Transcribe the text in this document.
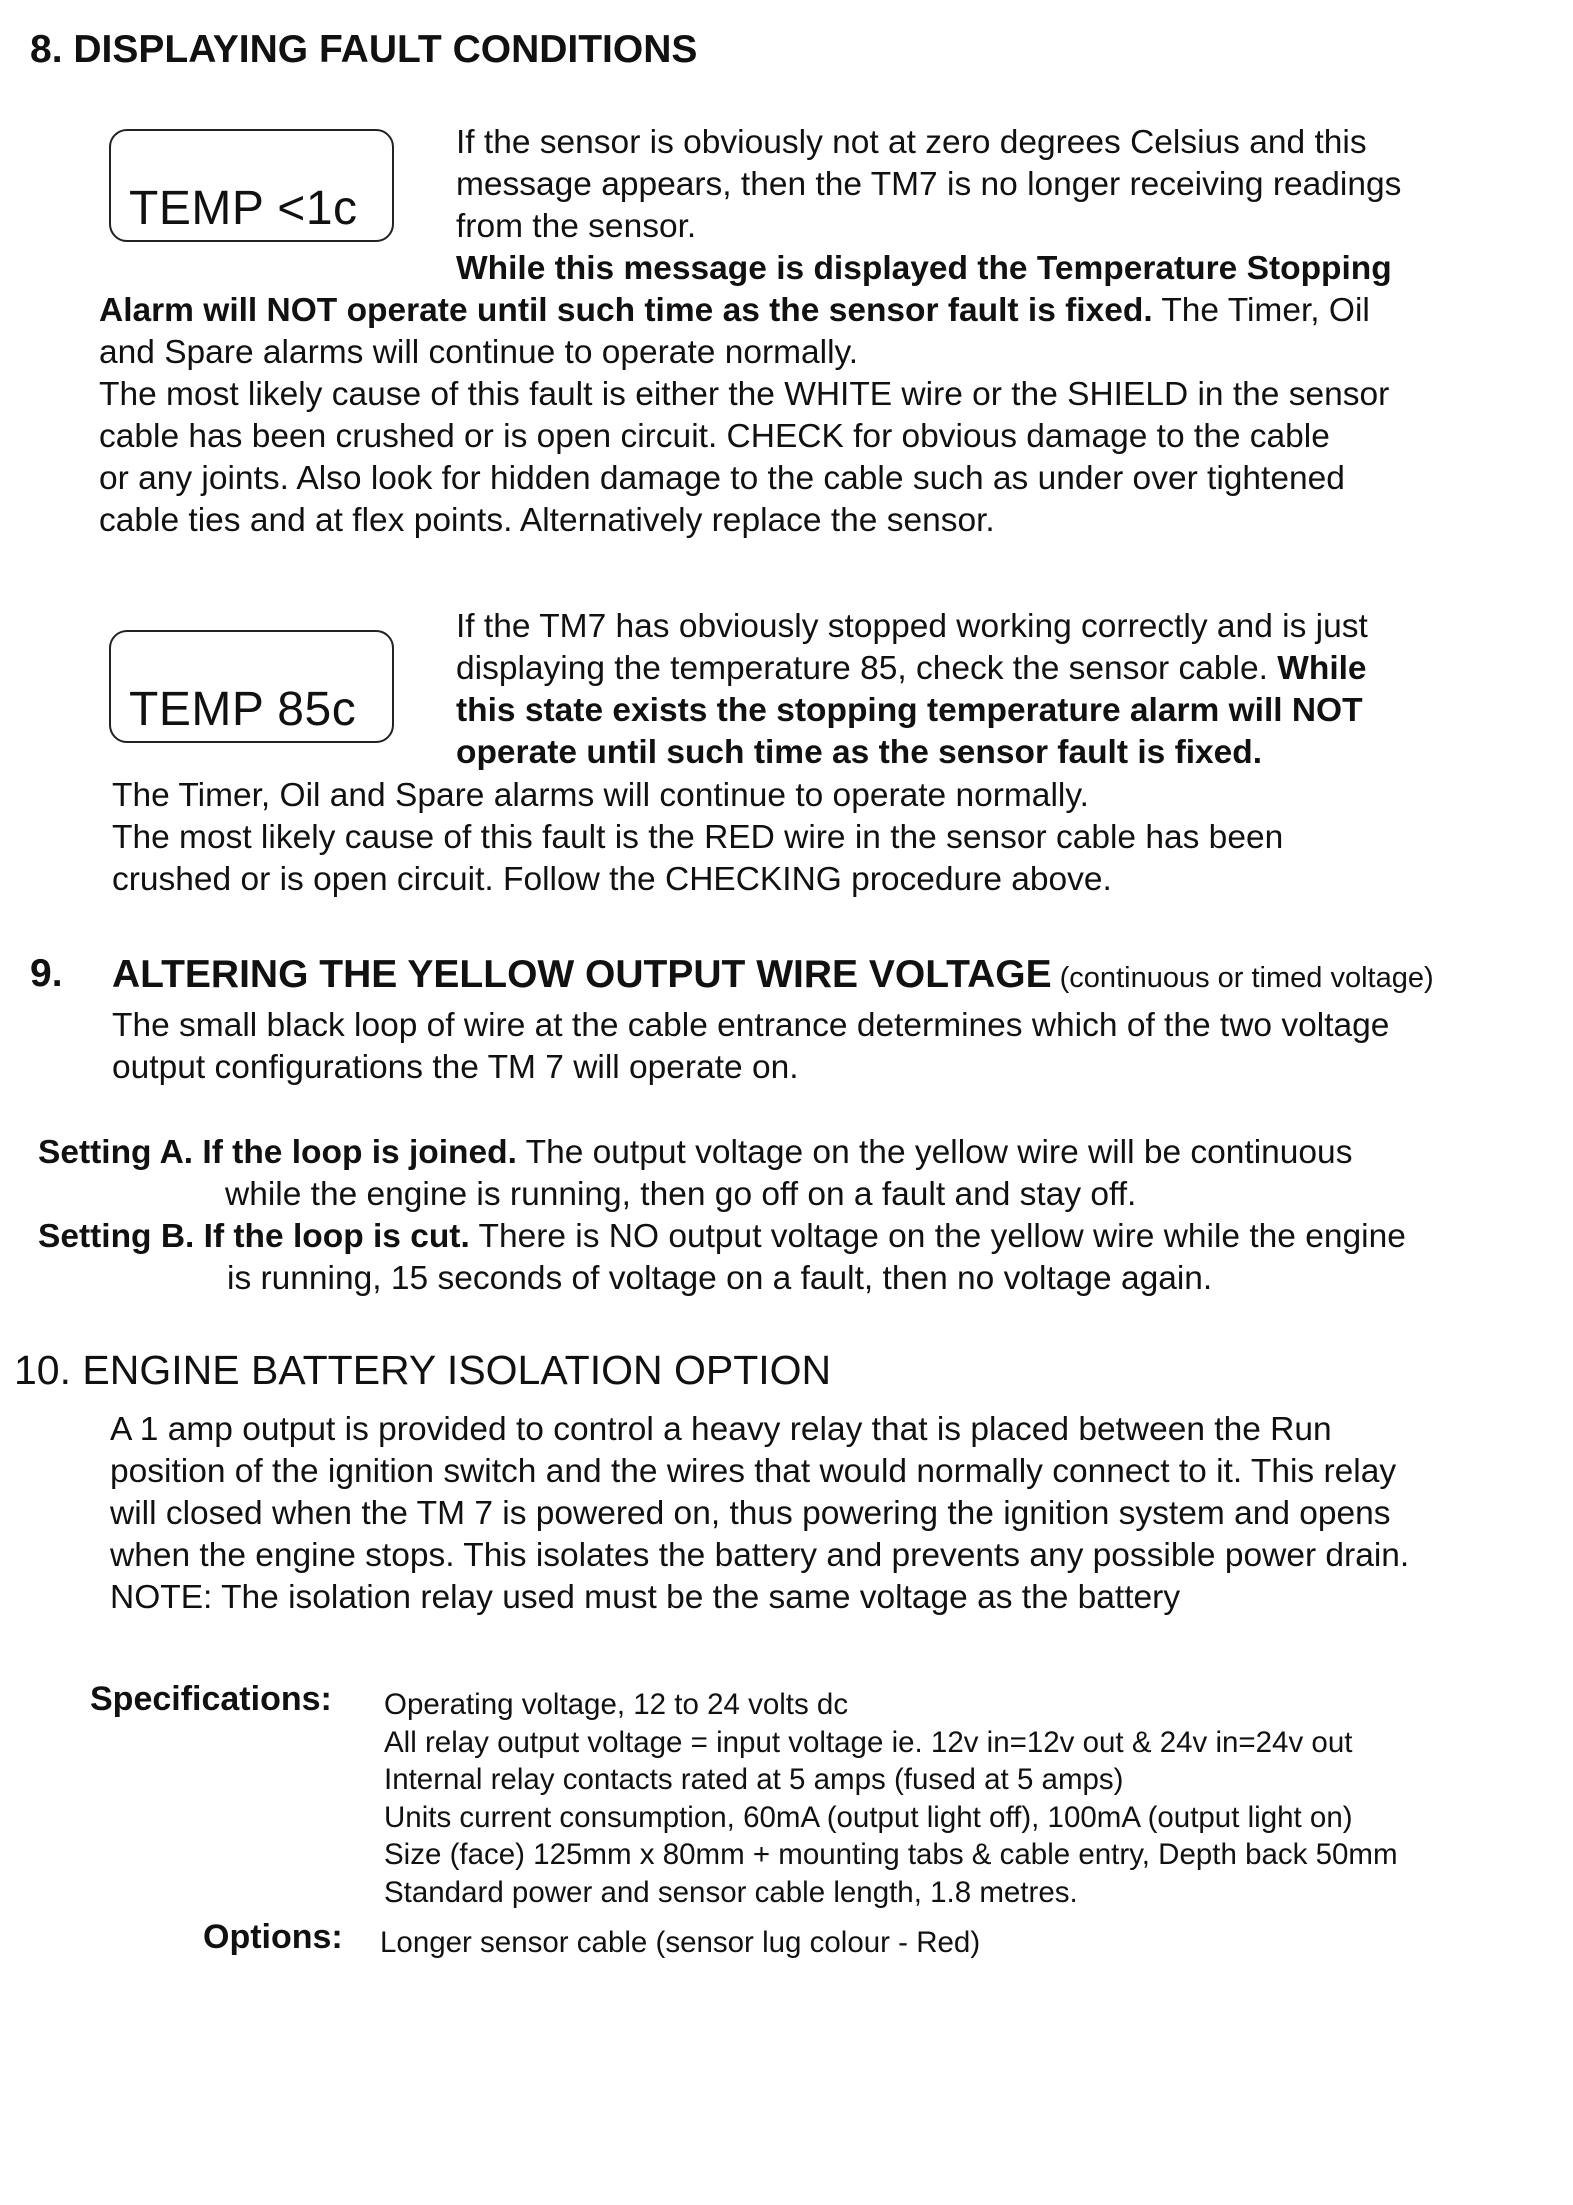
8. DISPLAYING FAULT CONDITIONS
TEMP <1c
If the sensor is obviously not at zero degrees Celsius and this
message appears, then the TM7 is no longer receiving readings
from the sensor.
While this message is displayed the Temperature Stopping
Alarm will NOT operate until such time as the sensor fault is fixed. The Timer, Oil
and Spare alarms will continue to operate normally.
The most likely cause of this fault is either the WHITE wire or the SHIELD in the sensor
cable has been crushed or is open circuit. CHECK for obvious damage to the cable
or any joints. Also look for hidden damage to the cable such as under over tightened
cable ties and at flex points. Alternatively replace the sensor.
TEMP 85c
If the TM7 has obviously stopped working correctly and is just
displaying the temperature 85, check the sensor cable. While
this state exists the stopping temperature alarm will NOT
operate until such time as the sensor fault is fixed.
The Timer, Oil and Spare alarms will continue to operate normally.
The most likely cause of this fault is the RED wire in the sensor cable has been
crushed or is open circuit. Follow the CHECKING procedure above.
9. ALTERING THE YELLOW OUTPUT WIRE VOLTAGE (continuous or timed voltage)
The small black loop of wire at the cable entrance determines which of the two voltage
output configurations the TM 7 will operate on.
Setting A. If the loop is joined. The output voltage on the yellow wire will be continuous
while the engine is running, then go off on a fault and stay off.
Setting B. If the loop is cut. There is NO output voltage on the yellow wire while the engine
is running, 15 seconds of voltage on a fault, then no voltage again.
10. ENGINE BATTERY ISOLATION OPTION
A 1 amp output is provided to control a heavy relay that is placed between the Run
position of the ignition switch and the wires that would normally connect to it. This relay
will closed when the TM 7 is powered on, thus powering the ignition system and opens
when the engine stops. This isolates the battery and prevents any possible power drain.
NOTE: The isolation relay used must be the same voltage as the battery
Specifications: Operating voltage, 12 to 24 volts dc
All relay output voltage = input voltage ie. 12v in=12v out & 24v in=24v out
Internal relay contacts rated at 5 amps (fused at 5 amps)
Units current consumption, 60mA (output light off), 100mA (output light on)
Size (face) 125mm x 80mm + mounting tabs & cable entry, Depth back 50mm
Standard power and sensor cable length, 1.8 metres.
Options: Longer sensor cable (sensor lug colour - Red)
